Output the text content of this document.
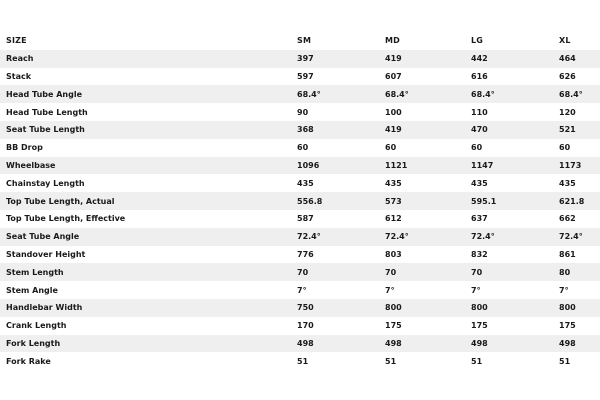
SIZE	SM	MD	LG	XL
Reach	397	419	442	464
Stack	597	607	616	626
Head Tube Angle	68.4°	68.4°	68.4°	68.4°
Head Tube Length	90	100	110	120
Seat Tube Length	368	419	470	521
BB Drop	60	60	60	60
Wheelbase	1096	1121	1147	1173
Chainstay Length	435	435	435	435
Top Tube Length, Actual	556.8	573	595.1	621.8
Top Tube Length, Effective	587	612	637	662
Seat Tube Angle	72.4°	72.4°	72.4°	72.4°
Standover Height	776	803	832	861
Stem Length	70	70	70	80
Stem Angle	7°	7°	7°	7°
Handlebar Width	750	800	800	800
Crank Length	170	175	175	175
Fork Length	498	498	498	498
Fork Rake	51	51	51	51
